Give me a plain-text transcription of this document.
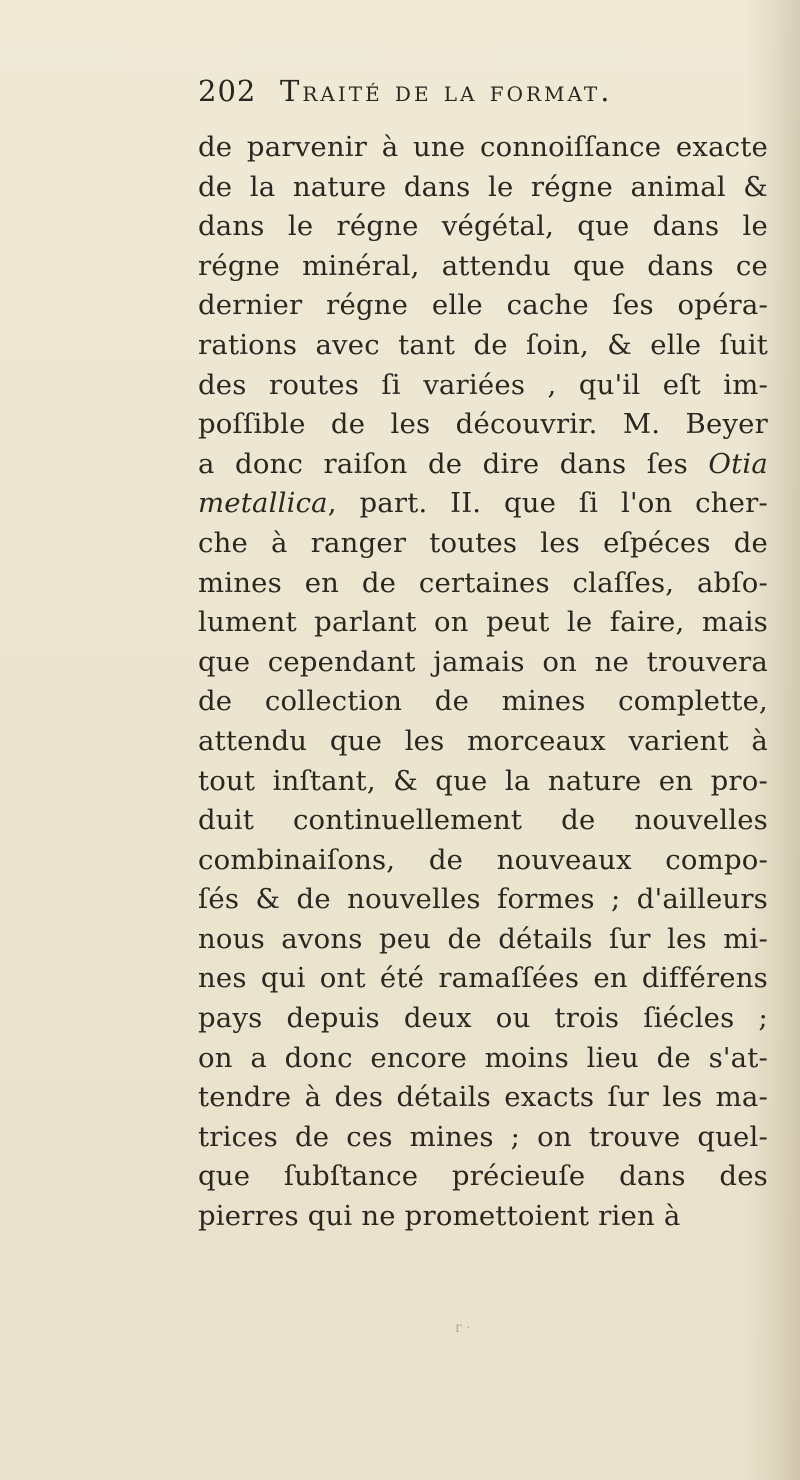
202 Traité de la format.
de parvenir à une connoiſſance exacte
de la nature dans le régne animal &
dans le régne végétal, que dans le
régne minéral, attendu que dans ce
dernier régne elle cache ſes opéra-
rations avec tant de ſoin, & elle ſuit
des routes ſi variées , qu'il eſt im-
poſſible de les découvrir. M. Beyer
a donc raiſon de dire dans ſes Otia
metallica, part. II. que ſi l'on cher-
che à ranger toutes les eſpéces de
mines en de certaines claſſes, abſo-
lument parlant on peut le faire, mais
que cependant jamais on ne trouvera
de collection de mines complette,
attendu que les morceaux varient à
tout inſtant, & que la nature en pro-
duit continuellement de nouvelles
combinaiſons, de nouveaux compo-
ſés & de nouvelles formes ; d'ailleurs
nous avons peu de détails ſur les mi-
nes qui ont été ramaſſées en différens
pays depuis deux ou trois ſiécles ;
on a donc encore moins lieu de s'at-
tendre à des détails exacts ſur les ma-
trices de ces mines ; on trouve quel-
que ſubſtance précieuſe dans des
pierres qui ne promettoient rien à
r ·
